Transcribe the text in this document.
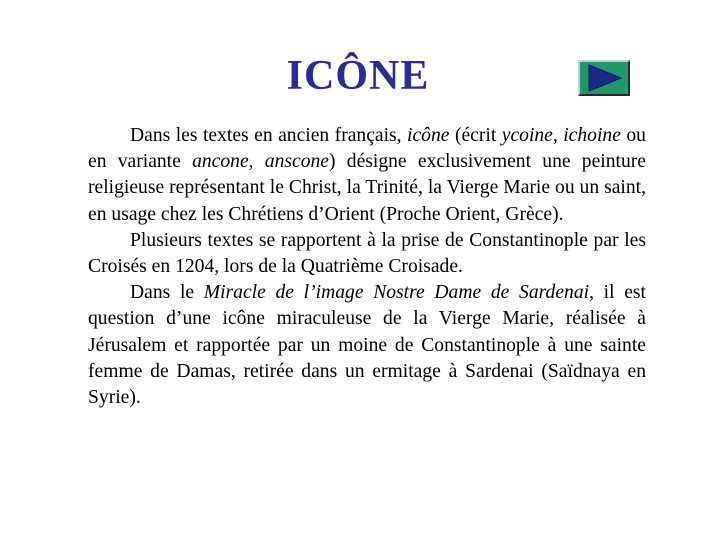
ICÔNE

Dans les textes en ancien français, icône (écrit ycoine, ichoine ou en variante ancone, anscone) désigne exclusivement une peinture religieuse représentant le Christ, la Trinité, la Vierge Marie ou un saint, en usage chez les Chrétiens d’Orient (Proche Orient, Grèce).

Plusieurs textes se rapportent à la prise de Constantinople par les Croisés en 1204, lors de la Quatrième Croisade.

Dans le Miracle de l’image Nostre Dame de Sardenai, il est question d’une icône miraculeuse de la Vierge Marie, réalisée à Jérusalem et rapportée par un moine de Constantinople à une sainte femme de Damas, retirée dans un ermitage à Sardenai (Saïdnaya en Syrie).
